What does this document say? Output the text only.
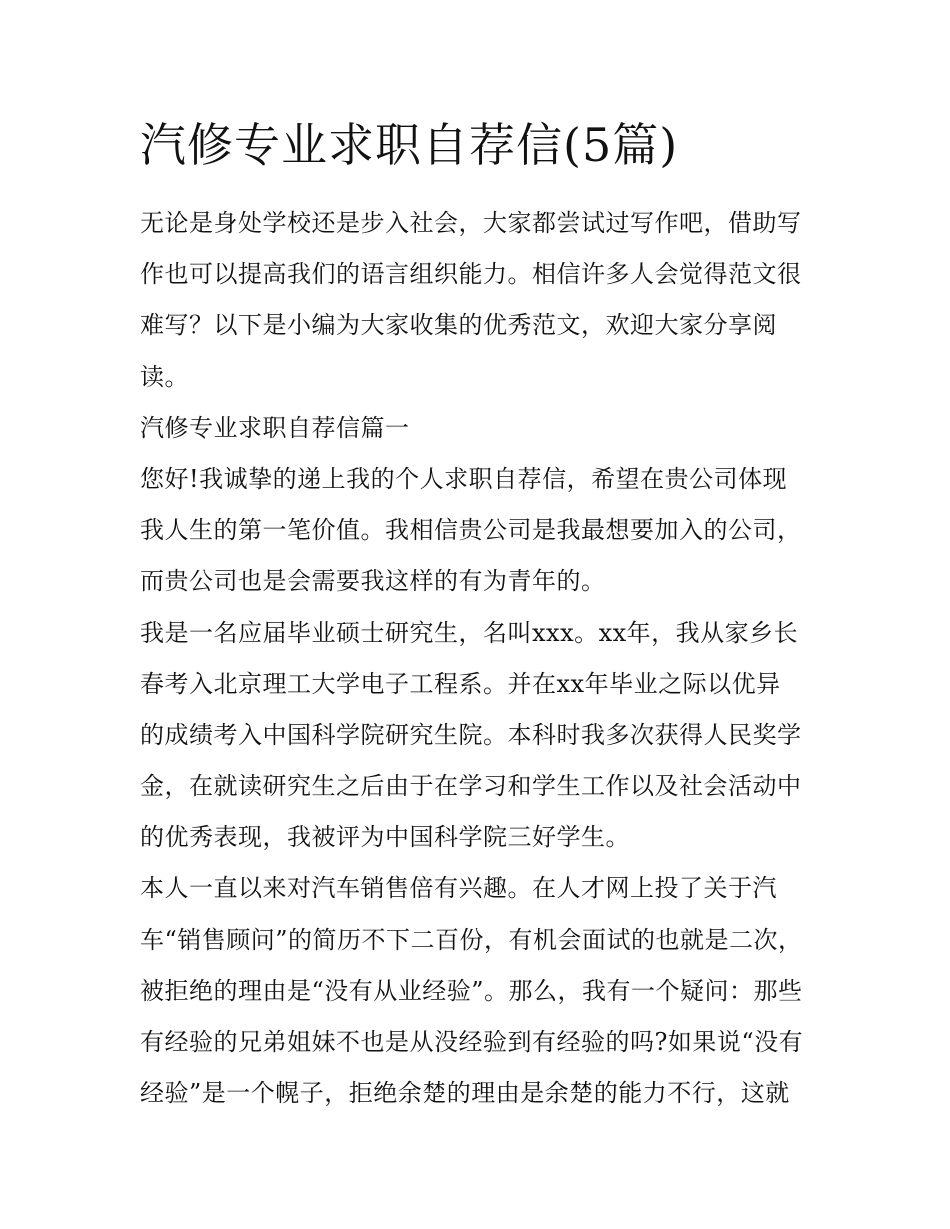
汽修专业求职自荐信(5篇)
无论是身处学校还是步入社会，大家都尝试过写作吧，借助写
作也可以提高我们的语言组织能力。相信许多人会觉得范文很
难写？以下是小编为大家收集的优秀范文，欢迎大家分享阅
读。
汽修专业求职自荐信篇一
您好!我诚挚的递上我的个人求职自荐信，希望在贵公司体现
我人生的第一笔价值。我相信贵公司是我最想要加入的公司，
而贵公司也是会需要我这样的有为青年的。
我是一名应届毕业硕士研究生，名叫xxx。xx年，我从家乡长
春考入北京理工大学电子工程系。并在xx年毕业之际以优异
的成绩考入中国科学院研究生院。本科时我多次获得人民奖学
金，在就读研究生之后由于在学习和学生工作以及社会活动中
的优秀表现，我被评为中国科学院三好学生。
本人一直以来对汽车销售倍有兴趣。在人才网上投了关于汽
车“销售顾问”的简历不下二百份，有机会面试的也就是二次，
被拒绝的理由是“没有从业经验”。那么，我有一个疑问：那些
有经验的兄弟姐妹不也是从没经验到有经验的吗?如果说“没有
经验”是一个幌子，拒绝余楚的理由是余楚的能力不行，这就
